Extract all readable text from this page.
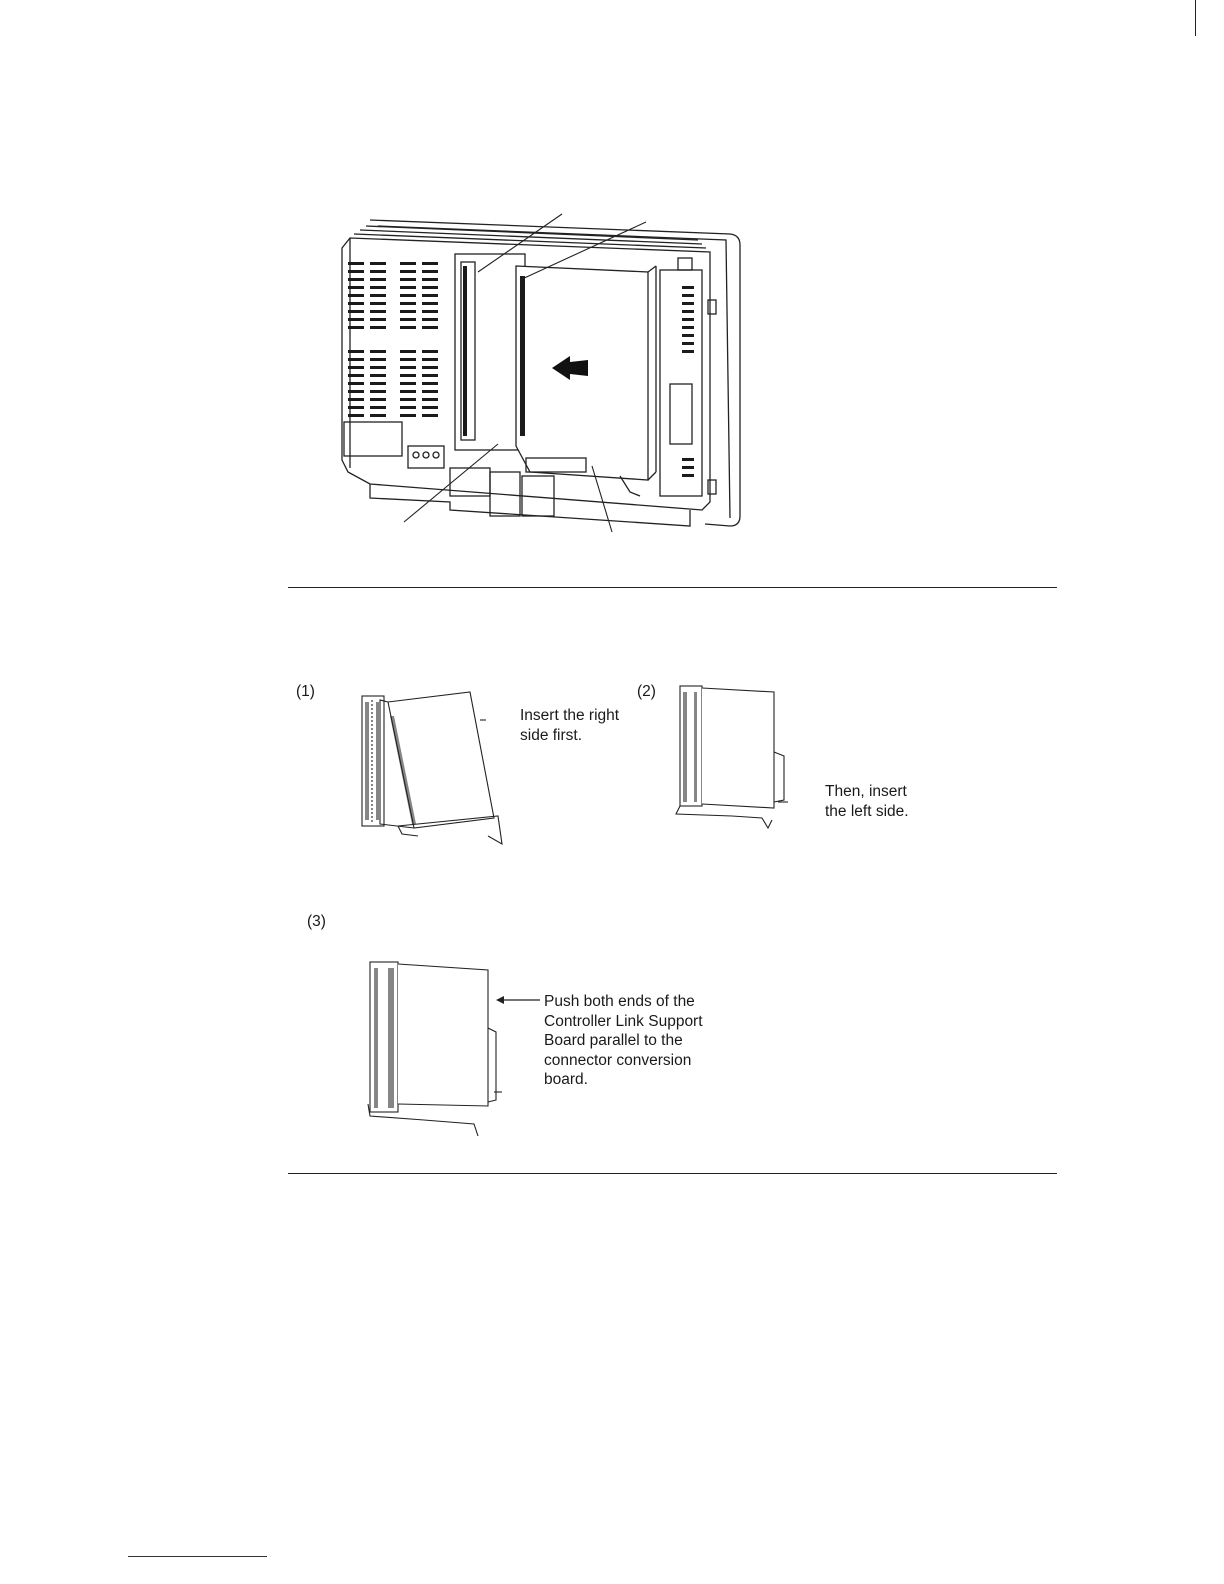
(1)
Insert the right
side first.
(2)
Then, insert
the left side.
(3)
Push both ends of the
Controller Link Support
Board parallel to the
connector conversion
board.
